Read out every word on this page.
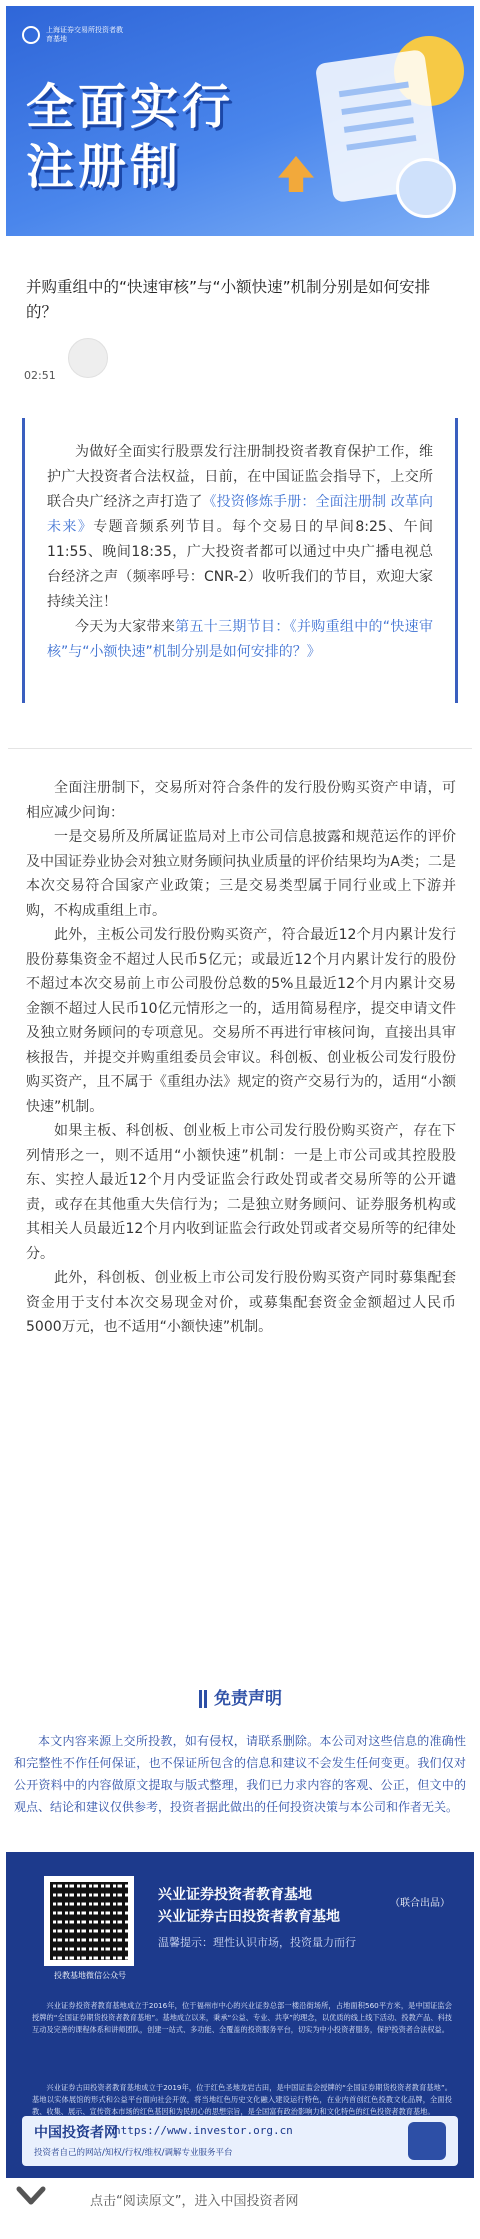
上海证券交易所投资者教育基地
全面实行
注册制
并购重组中的“快速审核”与“小额快速”机制分别是如何安排的？
02:51

为做好全面实行股票发行注册制投资者教育保护工作，维护广大投资者合法权益，日前，在中国证监会指导下，上交所联合央广经济之声打造了《投资修炼手册：全面注册制 改革向未来》专题音频系列节目。每个交易日的早间8:25、午间11:55、晚间18:35，广大投资者都可以通过中央广播电视总台经济之声（频率呼号：CNR-2）收听我们的节目，欢迎大家持续关注！

今天为大家带来第五十三期节目：《并购重组中的“快速审核”与“小额快速”机制分别是如何安排的？》

全面注册制下，交易所对符合条件的发行股份购买资产申请，可相应减少问询：

一是交易所及所属证监局对上市公司信息披露和规范运作的评价及中国证券业协会对独立财务顾问执业质量的评价结果均为A类；二是本次交易符合国家产业政策；三是交易类型属于同行业或上下游并购，不构成重组上市。

此外，主板公司发行股份购买资产，符合最近12个月内累计发行股份募集资金不超过人民币5亿元；或最近12个月内累计发行的股份不超过本次交易前上市公司股份总数的5%且最近12个月内累计交易金额不超过人民币10亿元情形之一的，适用简易程序，提交申请文件及独立财务顾问的专项意见。交易所不再进行审核问询，直接出具审核报告，并提交并购重组委员会审议。科创板、创业板公司发行股份购买资产，且不属于《重组办法》规定的资产交易行为的，适用“小额快速”机制。

如果主板、科创板、创业板上市公司发行股份购买资产，存在下列情形之一，则不适用“小额快速”机制：一是上市公司或其控股股东、实控人最近12个月内受证监会行政处罚或者交易所等的公开谴责，或存在其他重大失信行为；二是独立财务顾问、证券服务机构或其相关人员最近12个月内收到证监会行政处罚或者交易所等的纪律处分。

此外，科创板、创业板上市公司发行股份购买资产同时募集配套资金用于支付本次交易现金对价，或募集配套资金金额超过人民币5000万元，也不适用“小额快速”机制。

免责声明

本文内容来源上交所投教，如有侵权，请联系删除。本公司对这些信息的准确性和完整性不作任何保证，也不保证所包含的信息和建议不会发生任何变更。我们仅对公开资料中的内容做原文提取与版式整理，我们已力求内容的客观、公正，但文中的观点、结论和建议仅供参考，投资者据此做出的任何投资决策与本公司和作者无关。

投教基地微信公众号
兴业证券投资者教育基地
兴业证券古田投资者教育基地
（联合出品）
温馨提示：理性认识市场，投资量力而行
兴业证券投资者教育基地成立于2016年，位于福州市中心的兴业证券总部一楼沿街场所，占地面积560平方米，是中国证监会授牌的“全国证券期货投资者教育基地”。基地成立以来，秉承“公益、专业、共享”的理念，以优质的线上线下活动、投教产品、科技互动及完善的课程体系和讲师团队，创建一站式、多功能、全覆盖的投资服务平台，切实为中小投资者服务，保护投资者合法权益。
兴业证券古田投资者教育基地成立于2019年，位于红色圣地龙岩古田，是中国证监会授牌的“全国证券期货投资者教育基地”。基地以实体展馆的形式和公益平台面向社会开放，将当地红色历史文化融入建设运行特色，在业内首创红色投教文化品牌，全面投教、收集、展示、宣传资本市场的红色基因和为民初心的思想宗旨，是全国富有政治影响力和文化特色的红色投资者教育基地。
中国投资者网
https://www.investor.org.cn
投资者自己的网站/知权/行权/维权/调解专业服务平台
点击“阅读原文”，进入中国投资者网
